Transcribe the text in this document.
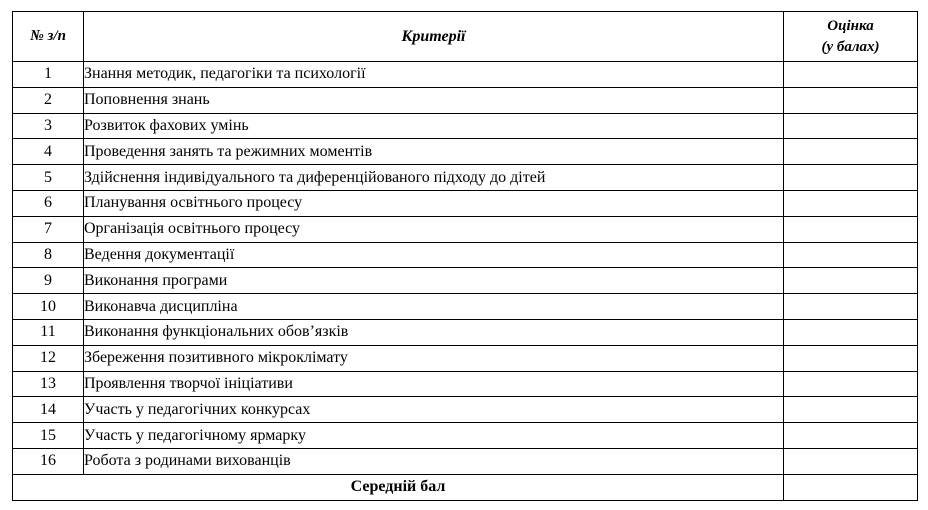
№ з/п	Критерії	Оцінка
(у балах)

1	Знання методик, педагогіки та психології	
2	Поповнення знань	
3	Розвиток фахових умінь	
4	Проведення занять та режимних моментів	
5	Здійснення індивідуального та диференційованого підходу до дітей	
6	Планування освітнього процесу	
7	Організація освітнього процесу	
8	Ведення документації	
9	Виконання програми	
10	Виконавча дисципліна	
11	Виконання функціональних обов’язків	
12	Збереження позитивного мікроклімату	
13	Проявлення творчої ініціативи	
14	Участь у педагогічних конкурсах	
15	Участь у педагогічному ярмарку	
16	Робота з родинами вихованців	
Середній бал		
